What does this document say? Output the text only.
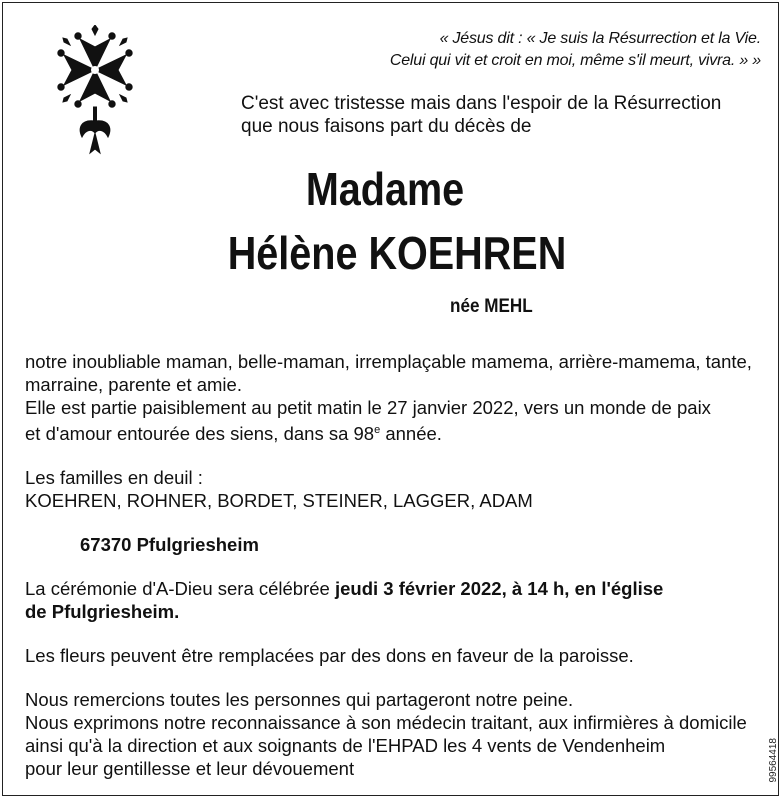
« Jésus dit : « Je suis la Résurrection et la Vie.
Celui qui vit et croit en moi, même s'il meurt, vivra. » »
C'est avec tristesse mais dans l'espoir de la Résurrection
que nous faisons part du décès de
Madame
Hélène KOEHREN
née MEHL
notre inoubliable maman, belle-maman, irremplaçable mamema, arrière-mamema, tante,
marraine, parente et amie.
Elle est partie paisiblement au petit matin le 27 janvier 2022, vers un monde de paix
et d'amour entourée des siens, dans sa 98e année.
Les familles en deuil :
KOEHREN, ROHNER, BORDET, STEINER, LAGGER, ADAM
67370 Pfulgriesheim
La cérémonie d'A-Dieu sera célébrée jeudi 3 février 2022, à 14 h, en l'église
de Pfulgriesheim.
Les fleurs peuvent être remplacées par des dons en faveur de la paroisse.
Nous remercions toutes les personnes qui partageront notre peine.
Nous exprimons notre reconnaissance à son médecin traitant, aux infirmières à domicile
ainsi qu'à la direction et aux soignants de l'EHPAD les 4 vents de Vendenheim
pour leur gentillesse et leur dévouement	99564418
